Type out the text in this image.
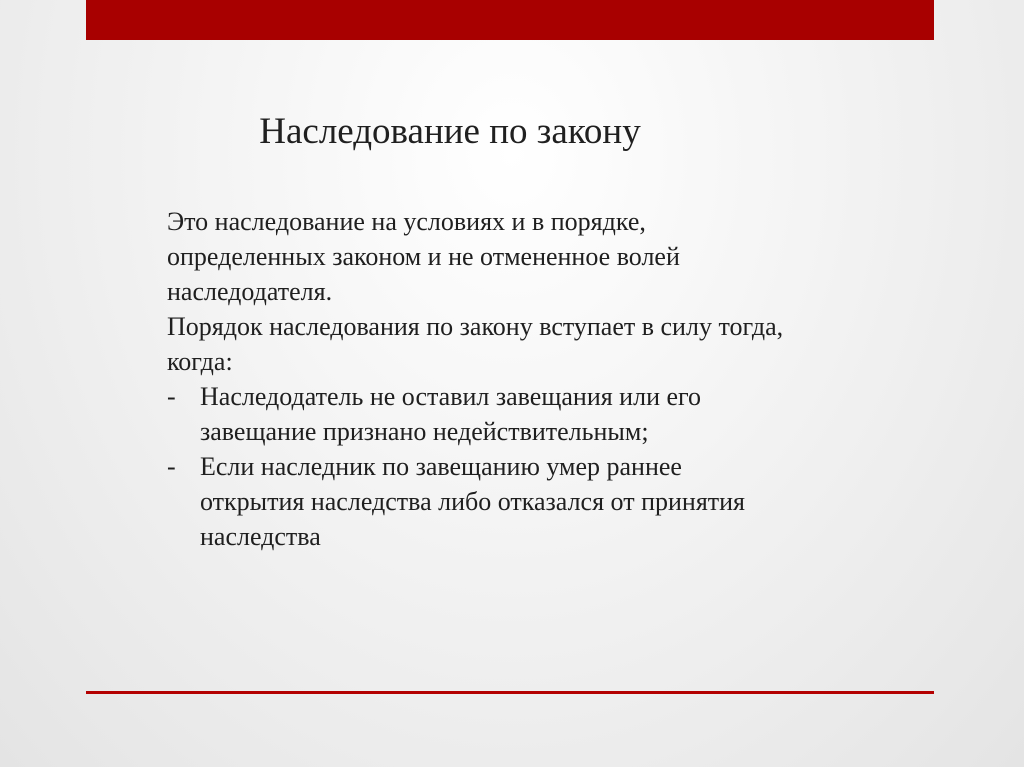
Наследование по закону

Это наследование на условиях и в порядке, определенных законом и не отмененное волей наследодателя.

Порядок наследования по закону вступает в силу тогда, когда:

- Наследодатель не оставил завещания или его завещание признано недействительным;
- Если наследник по завещанию умер раннее открытия наследства либо отказался от принятия наследства
